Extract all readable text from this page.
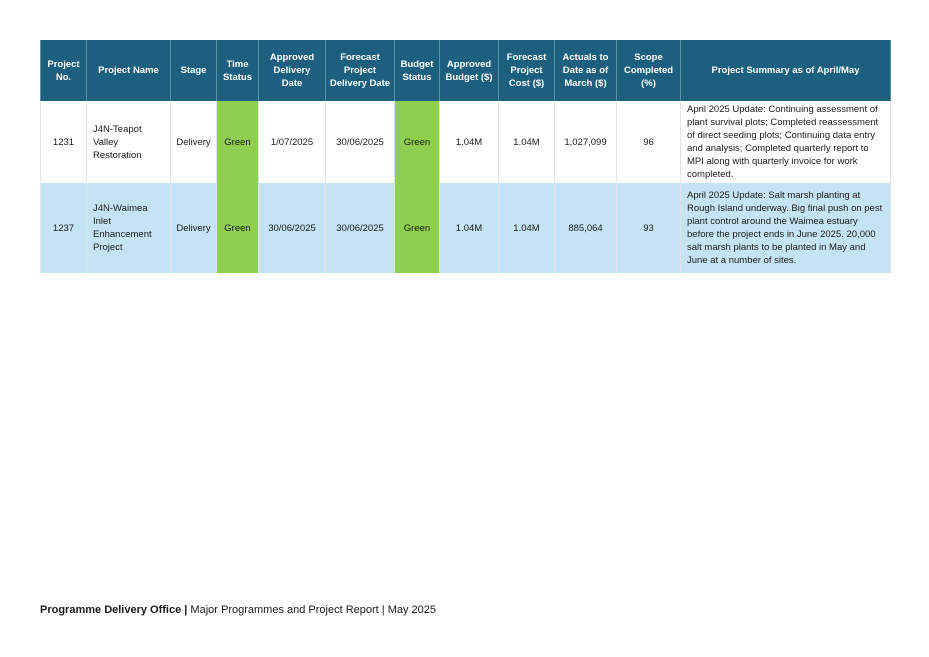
Project No.	Project Name	Stage	Time Status	Approved Delivery Date	Forecast Project Delivery Date	Budget Status	Approved Budget ($)	Forecast Project Cost ($)	Actuals to Date as of March ($)	Scope Completed (%)	Project Summary as of April/May
1231	J4N-Teapot Valley Restoration	Delivery	Green	1/07/2025	30/06/2025	Green	1.04M	1.04M	1,027,099	96	April 2025 Update: Continuing assessment of plant survival plots; Completed reassessment of direct seeding plots; Continuing data entry and analysis; Completed quarterly report to MPI along with quarterly invoice for work completed.
1237	J4N-Waimea Inlet Enhancement Project	Delivery	Green	30/06/2025	30/06/2025	Green	1.04M	1.04M	885,064	93	April 2025 Update: Salt marsh planting at Rough Island underway. Big final push on pest plant control around the Waimea estuary before the project ends in June 2025. 20,000 salt marsh plants to be planted in May and June at a number of sites.
Programme Delivery Office | Major Programmes and Project Report | May 2025
